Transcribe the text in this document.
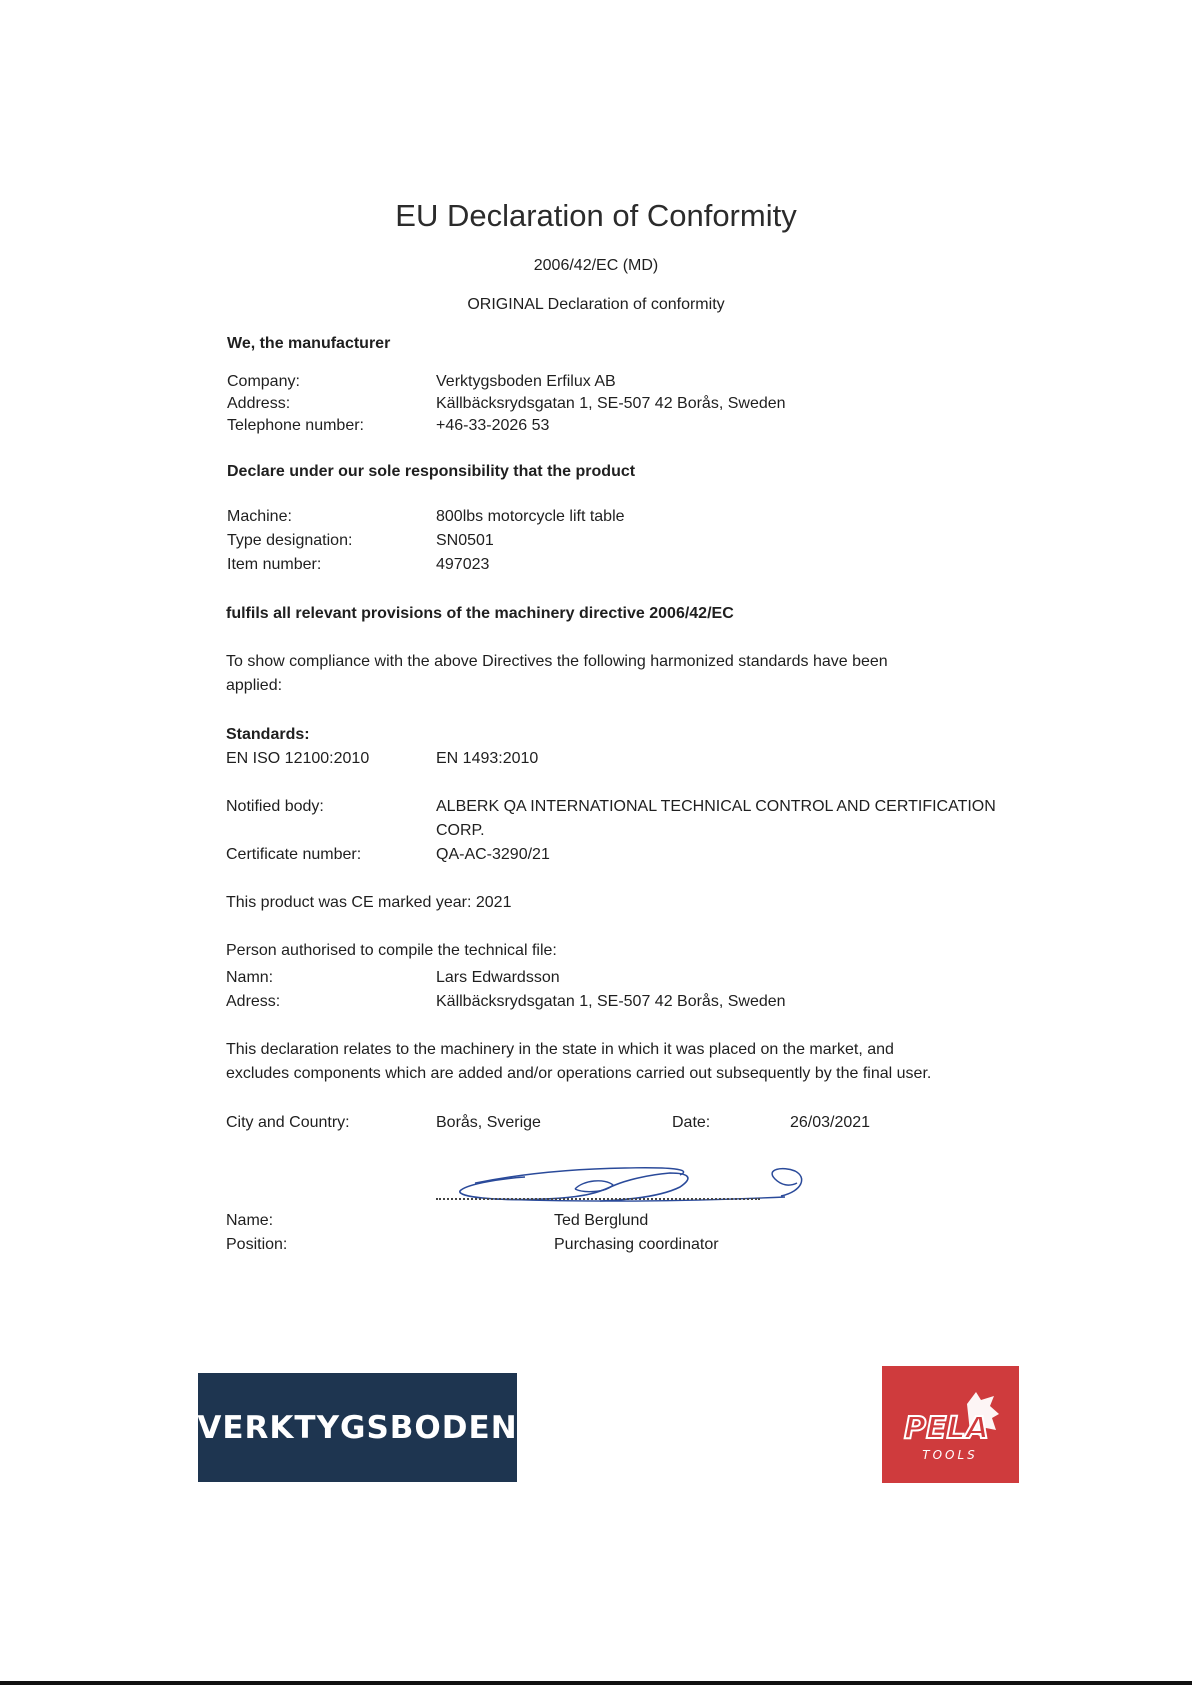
EU Declaration of Conformity
2006/42/EC (MD)
ORIGINAL Declaration of conformity
We, the manufacturer
Company:	Verktygsboden Erfilux AB
Address:	Källbäcksrydsgatan 1, SE-507 42 Borås, Sweden
Telephone number:	+46-33-2026 53
Declare under our sole responsibility that the product
Machine:	800lbs motorcycle lift table
Type designation:	SN0501
Item number:	497023
fulfils all relevant provisions of the machinery directive 2006/42/EC
To show compliance with the above Directives the following harmonized standards have been
applied:
Standards:
EN ISO 12100:2010	EN 1493:2010
Notified body:	ALBERK QA INTERNATIONAL TECHNICAL CONTROL AND CERTIFICATION
CORP.
Certificate number:	QA-AC-3290/21
This product was CE marked year: 2021
Person authorised to compile the technical file:
Namn:	Lars Edwardsson
Adress:	Källbäcksrydsgatan 1, SE-507 42 Borås, Sweden
This declaration relates to the machinery in the state in which it was placed on the market, and
excludes components which are added and/or operations carried out subsequently by the final user.
City and Country:	Borås, Sverige	Date:	26/03/2021
Name:	Ted Berglund
Position:	Purchasing coordinator
VERKTYGSBODEN	PELA
TOOLS
